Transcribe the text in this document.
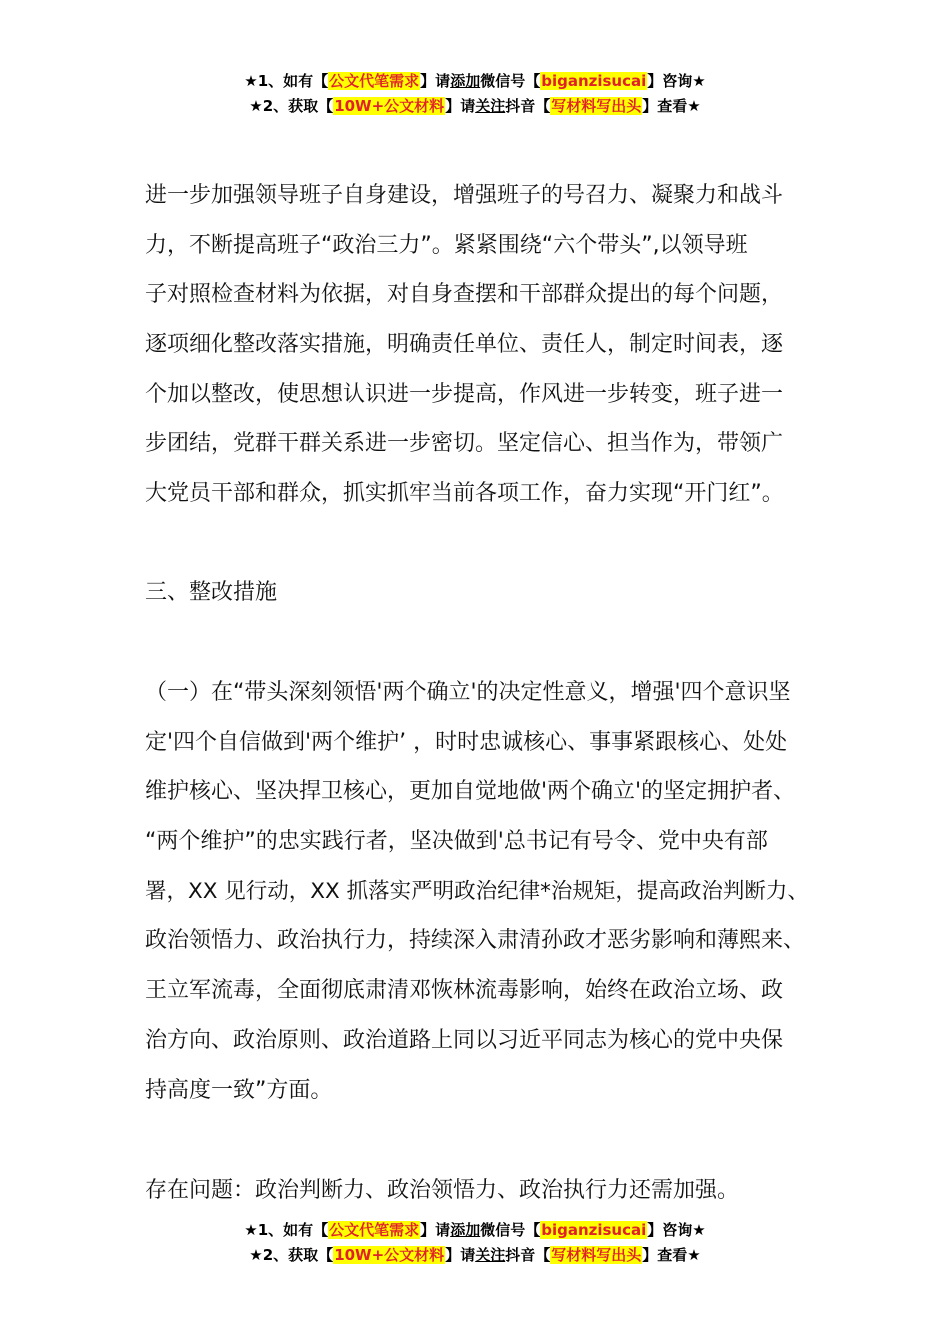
★1、如有【公文代笔需求】请添加微信号【biganzisucai】咨询★
★2、获取【10W+公文材料】请关注抖音【写材料写出头】查看★
进一步加强领导班子自身建设，增强班子的号召力、凝聚力和战斗
力，不断提高班子“政治三力”。紧紧围绕“六个带头”,以领导班
子对照检查材料为依据，对自身查摆和干部群众提出的每个问题，
逐项细化整改落实措施，明确责任单位、责任人，制定时间表，逐
个加以整改，使思想认识进一步提高，作风进一步转变，班子进一
步团结，党群干群关系进一步密切。坚定信心、担当作为，带领广
大党员干部和群众，抓实抓牢当前各项工作，奋力实现“开门红”。
三、整改措施
（一）在“带头深刻领悟'两个确立'的决定性意义，增强'四个意识坚
定'四个自信做到'两个维护’ ，时时忠诚核心、事事紧跟核心、处处
维护核心、坚决捍卫核心，更加自觉地做'两个确立'的坚定拥护者、
“两个维护”的忠实践行者，坚决做到'总书记有号令、党中央有部
署，XX 见行动，XX 抓落实严明政治纪律*治规矩，提高政治判断力、
政治领悟力、政治执行力，持续深入肃清孙政才恶劣影响和薄熙来、
王立军流毒，全面彻底肃清邓恢林流毒影响，始终在政治立场、政
治方向、政治原则、政治道路上同以习近平同志为核心的党中央保
持高度一致”方面。
存在问题：政治判断力、政治领悟力、政治执行力还需加强。
★1、如有【公文代笔需求】请添加微信号【biganzisucai】咨询★
★2、获取【10W+公文材料】请关注抖音【写材料写出头】查看★
